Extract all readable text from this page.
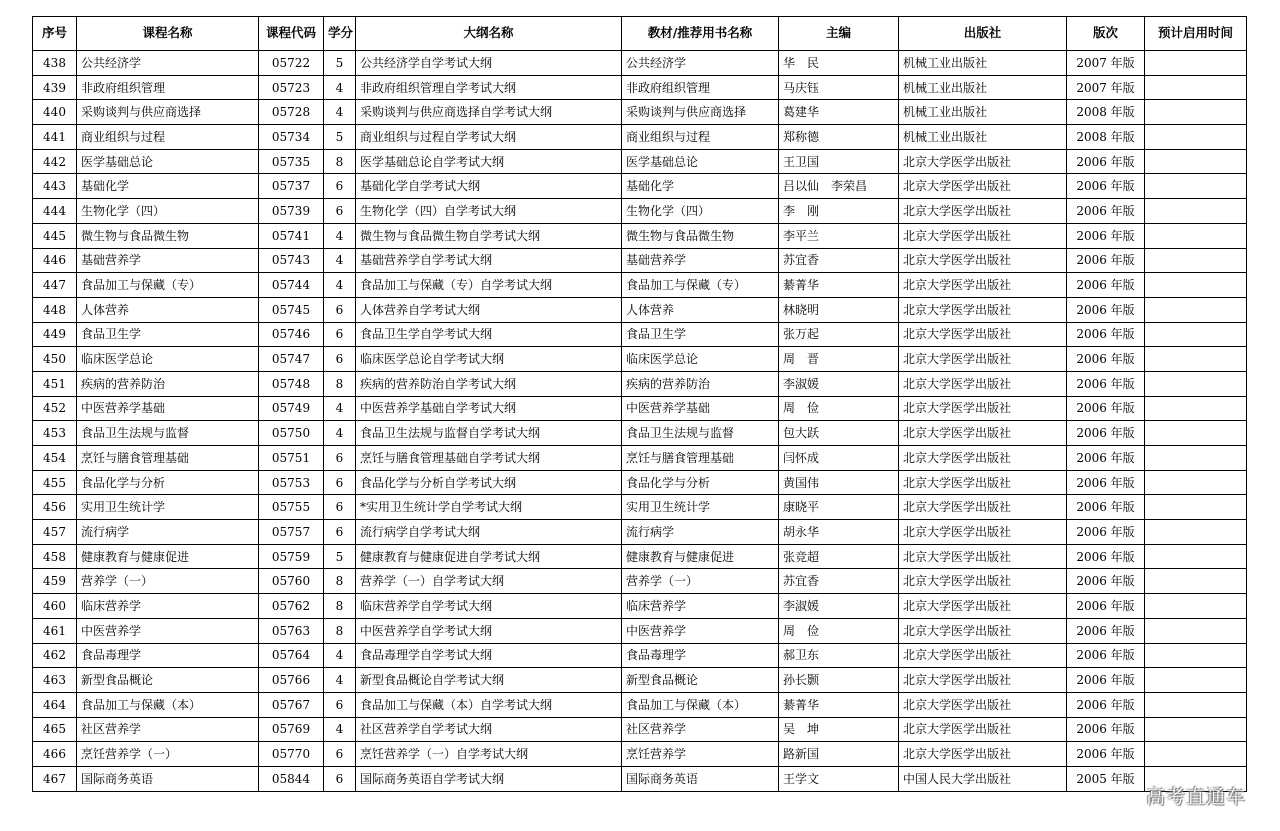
序号	课程名称	课程代码	学分	大纲名称	教材/推荐用书名称	主编	出版社	版次	预计启用时间
438	公共经济学	05722	5	公共经济学自学考试大纲	公共经济学	华　民	机械工业出版社	2007 年版	
439	非政府组织管理	05723	4	非政府组织管理自学考试大纲	非政府组织管理	马庆钰	机械工业出版社	2007 年版	
440	采购谈判与供应商选择	05728	4	采购谈判与供应商选择自学考试大纲	采购谈判与供应商选择	葛建华	机械工业出版社	2008 年版	
441	商业组织与过程	05734	5	商业组织与过程自学考试大纲	商业组织与过程	郑称德	机械工业出版社	2008 年版	
442	医学基础总论	05735	8	医学基础总论自学考试大纲	医学基础总论	王卫国	北京大学医学出版社	2006 年版	
443	基础化学	05737	6	基础化学自学考试大纲	基础化学	吕以仙　李荣昌	北京大学医学出版社	2006 年版	
444	生物化学（四）	05739	6	生物化学（四）自学考试大纲	生物化学（四）	李　刚	北京大学医学出版社	2006 年版	
445	微生物与食品微生物	05741	4	微生物与食品微生物自学考试大纲	微生物与食品微生物	李平兰	北京大学医学出版社	2006 年版	
446	基础营养学	05743	4	基础营养学自学考试大纲	基础营养学	苏宜香	北京大学医学出版社	2006 年版	
447	食品加工与保藏（专）	05744	4	食品加工与保藏（专）自学考试大纲	食品加工与保藏（专）	綦菁华	北京大学医学出版社	2006 年版	
448	人体营养	05745	6	人体营养自学考试大纲	人体营养	林晓明	北京大学医学出版社	2006 年版	
449	食品卫生学	05746	6	食品卫生学自学考试大纲	食品卫生学	张万起	北京大学医学出版社	2006 年版	
450	临床医学总论	05747	6	临床医学总论自学考试大纲	临床医学总论	周　晋	北京大学医学出版社	2006 年版	
451	疾病的营养防治	05748	8	疾病的营养防治自学考试大纲	疾病的营养防治	李淑媛	北京大学医学出版社	2006 年版	
452	中医营养学基础	05749	4	中医营养学基础自学考试大纲	中医营养学基础	周　俭	北京大学医学出版社	2006 年版	
453	食品卫生法规与监督	05750	4	食品卫生法规与监督自学考试大纲	食品卫生法规与监督	包大跃	北京大学医学出版社	2006 年版	
454	烹饪与膳食管理基础	05751	6	烹饪与膳食管理基础自学考试大纲	烹饪与膳食管理基础	闫怀成	北京大学医学出版社	2006 年版	
455	食品化学与分析	05753	6	食品化学与分析自学考试大纲	食品化学与分析	黄国伟	北京大学医学出版社	2006 年版	
456	实用卫生统计学	05755	6	*实用卫生统计学自学考试大纲	实用卫生统计学	康晓平	北京大学医学出版社	2006 年版	
457	流行病学	05757	6	流行病学自学考试大纲	流行病学	胡永华	北京大学医学出版社	2006 年版	
458	健康教育与健康促进	05759	5	健康教育与健康促进自学考试大纲	健康教育与健康促进	张竞超	北京大学医学出版社	2006 年版	
459	营养学（一）	05760	8	营养学（一）自学考试大纲	营养学（一）	苏宜香	北京大学医学出版社	2006 年版	
460	临床营养学	05762	8	临床营养学自学考试大纲	临床营养学	李淑媛	北京大学医学出版社	2006 年版	
461	中医营养学	05763	8	中医营养学自学考试大纲	中医营养学	周　俭	北京大学医学出版社	2006 年版	
462	食品毒理学	05764	4	食品毒理学自学考试大纲	食品毒理学	郝卫东	北京大学医学出版社	2006 年版	
463	新型食品概论	05766	4	新型食品概论自学考试大纲	新型食品概论	孙长颢	北京大学医学出版社	2006 年版	
464	食品加工与保藏（本）	05767	6	食品加工与保藏（本）自学考试大纲	食品加工与保藏（本）	綦菁华	北京大学医学出版社	2006 年版	
465	社区营养学	05769	4	社区营养学自学考试大纲	社区营养学	吴　坤	北京大学医学出版社	2006 年版	
466	烹饪营养学（一）	05770	6	烹饪营养学（一）自学考试大纲	烹饪营养学	路新国	北京大学医学出版社	2006 年版	
467	国际商务英语	05844	6	国际商务英语自学考试大纲	国际商务英语	王学文	中国人民大学出版社	2005 年版	
高考直通车
